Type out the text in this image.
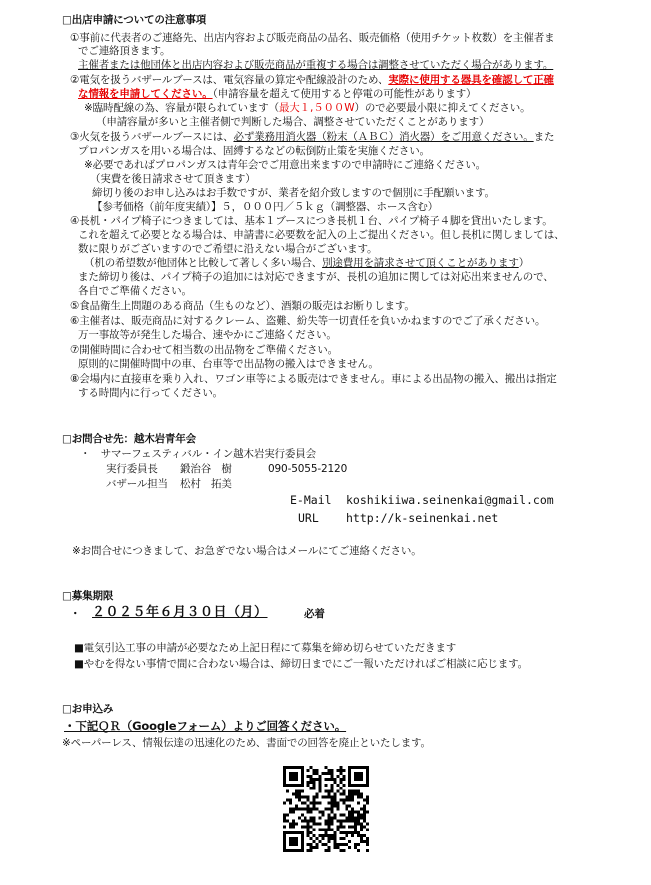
□出店申請についての注意事項
①事前に代表者のご連絡先、出店内容および販売商品の品名、販売価格（使用チケット枚数）を主催者ま
でご連絡頂きます。
主催者または他団体と出店内容および販売商品が重複する場合は調整させていただく場合があります。
②電気を扱うバザールブースは、電気容量の算定や配線設計のため、実際に使用する器具を確認して正確
な情報を申請してください。（申請容量を超えて使用すると停電の可能性があります）
※臨時配線の為、容量が限られています（最大１,５００W）ので必要最小限に抑えてください。
（申請容量が多いと主催者側で判断した場合、調整させていただくことがあります）
③火気を扱うバザールブースには、必ず業務用消火器（粉末（ＡＢＣ）消火器）をご用意ください。また
プロパンガスを用いる場合は、固縛するなどの転倒防止策を実施ください。
※必要であればプロパンガスは青年会でご用意出来ますので申請時にご連絡ください。
（実費を後日請求させて頂きます）
締切り後のお申し込みはお手数ですが、業者を紹介致しますので個別に手配願います。
【参考価格（前年度実績）】５，０００円／５ｋｇ（調整器、ホース含む）
④長机・パイプ椅子につきましては、基本１ブースにつき長机１台、パイプ椅子４脚を貸出いたします。
これを超えて必要となる場合は、申請書に必要数を記入の上ご提出ください。但し長机に関しましては、
数に限りがございますのでご希望に沿えない場合がございます。
（机の希望数が他団体と比較して著しく多い場合、別途費用を請求させて頂くことがあります）
また締切り後は、パイプ椅子の追加には対応できますが、長机の追加に関しては対応出来ませんので、
各自でご準備ください。
⑤食品衛生上問題のある商品（生ものなど）、酒類の販売はお断りします。
⑥主催者は、販売商品に対するクレーム、盗難、紛失等一切責任を負いかねますのでご了承ください。
万一事故等が発生した場合、速やかにご連絡ください。
⑦開催時間に合わせて相当数の出品物をご準備ください。
原則的に開催時間中の車、台車等で出品物の搬入はできません。
⑧会場内に直接車を乗り入れ、ワゴン車等による販売はできません。車による出品物の搬入、搬出は指定
する時間内に行ってください。
□お問合せ先：越木岩青年会
・　サマーフェスティバル・イン越木岩実行委員会
実行委員長 鍛治谷　樹	090-5055-2120
バザール担当 松村　拓美
E-Mail koshikiiwa.seinenkai@gmail.com
URL http://k-seinenkai.net
※お問合せにつきまして、お急ぎでない場合はメールにてご連絡ください。
□募集期限
・ ２０２５年６月３０日（月）	必着
■電気引込工事の申請が必要なため上記日程にて募集を締め切らせていただきます
■やむを得ない事情で間に合わない場合は、締切日までにご一報いただければご相談に応じます。
□お申込み
・下記ＱＲ（Googleフォーム）よりご回答ください。
※ペーパーレス、情報伝達の迅速化のため、書面での回答を廃止といたします。
